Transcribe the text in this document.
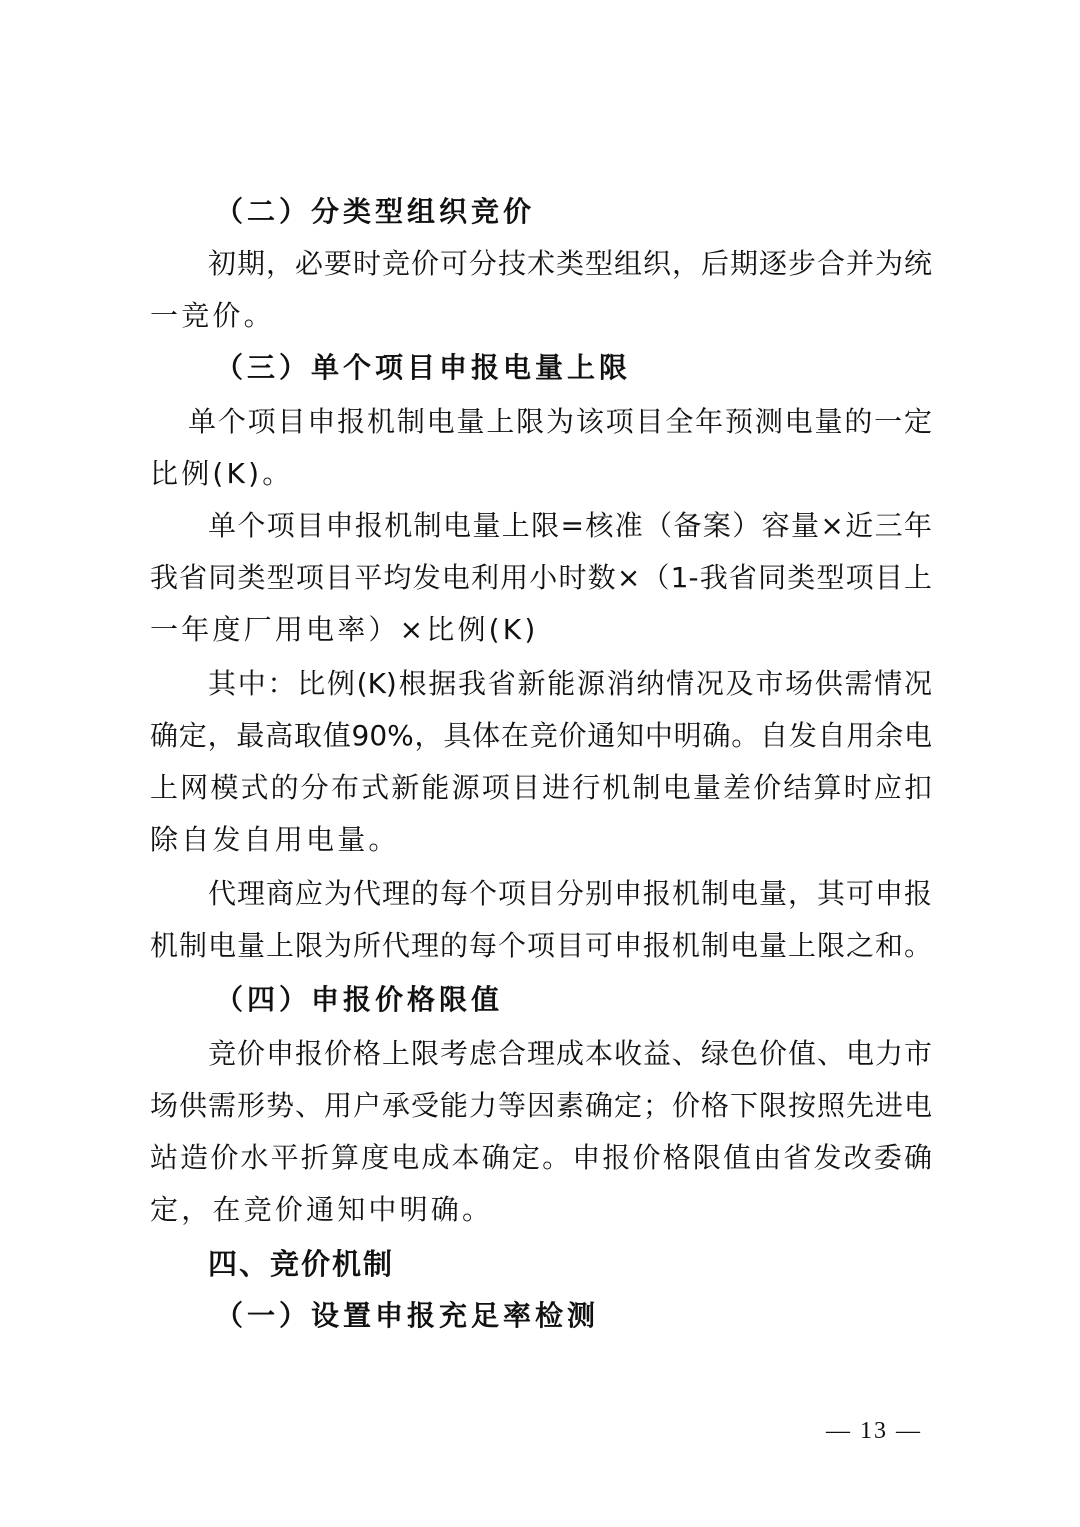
（二）分类型组织竞价
初期，必要时竞价可分技术类型组织，后期逐步合并为统
一竞价。
（三）单个项目申报电量上限
单个项目申报机制电量上限为该项目全年预测电量的一定
比例(K)。
单个项目申报机制电量上限=核准（备案）容量×近三年
我省同类型项目平均发电利用小时数×（1-我省同类型项目上
一年度厂用电率）×比例(K)
其中：比例(K)根据我省新能源消纳情况及市场供需情况
确定，最高取值90%，具体在竞价通知中明确。自发自用余电
上网模式的分布式新能源项目进行机制电量差价结算时应扣
除自发自用电量。
代理商应为代理的每个项目分别申报机制电量，其可申报
机制电量上限为所代理的每个项目可申报机制电量上限之和。
（四）申报价格限值
竞价申报价格上限考虑合理成本收益、绿色价值、电力市
场供需形势、用户承受能力等因素确定；价格下限按照先进电
站造价水平折算度电成本确定。申报价格限值由省发改委确
定，在竞价通知中明确。
四、竞价机制
（一）设置申报充足率检测
— 13 —
